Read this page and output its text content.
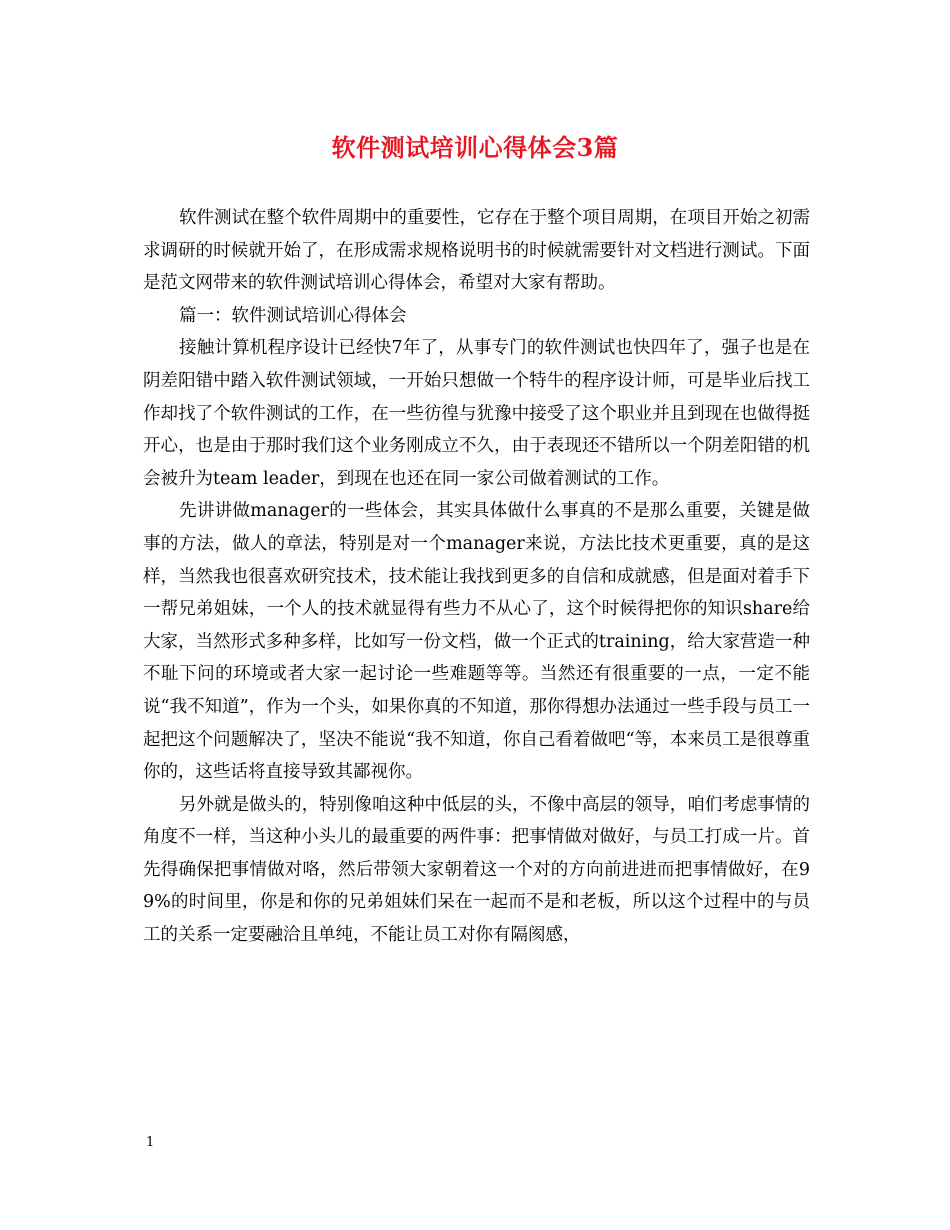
软件测试培训心得体会3篇

软件测试在整个软件周期中的重要性，它存在于整个项目周期，在项目开始之初需求调研的时候就开始了，在形成需求规格说明书的时候就需要针对文档进行测试。下面是范文网带来的软件测试培训心得体会，希望对大家有帮助。

篇一：软件测试培训心得体会

接触计算机程序设计已经快7年了，从事专门的软件测试也快四年了，强子也是在阴差阳错中踏入软件测试领域，一开始只想做一个特牛的程序设计师，可是毕业后找工作却找了个软件测试的工作，在一些彷徨与犹豫中接受了这个职业并且到现在也做得挺开心，也是由于那时我们这个业务刚成立不久，由于表现还不错所以一个阴差阳错的机会被升为team leader，到现在也还在同一家公司做着测试的工作。

先讲讲做manager的一些体会，其实具体做什么事真的不是那么重要，关键是做事的方法，做人的章法，特别是对一个manager来说，方法比技术更重要，真的是这样，当然我也很喜欢研究技术，技术能让我找到更多的自信和成就感，但是面对着手下一帮兄弟姐妹，一个人的技术就显得有些力不从心了，这个时候得把你的知识share给大家，当然形式多种多样，比如写一份文档，做一个正式的training，给大家营造一种不耻下问的环境或者大家一起讨论一些难题等等。当然还有很重要的一点，一定不能说“我不知道”，作为一个头，如果你真的不知道，那你得想办法通过一些手段与员工一起把这个问题解决了，坚决不能说“我不知道，你自己看着做吧“等，本来员工是很尊重你的，这些话将直接导致其鄙视你。

另外就是做头的，特别像咱这种中低层的头，不像中高层的领导，咱们考虑事情的角度不一样，当这种小头儿的最重要的两件事：把事情做对做好，与员工打成一片。首先得确保把事情做对咯，然后带领大家朝着这一个对的方向前进进而把事情做好，在99%的时间里，你是和你的兄弟姐妹们呆在一起而不是和老板，所以这个过程中的与员工的关系一定要融洽且单纯，不能让员工对你有隔阂感，

1
